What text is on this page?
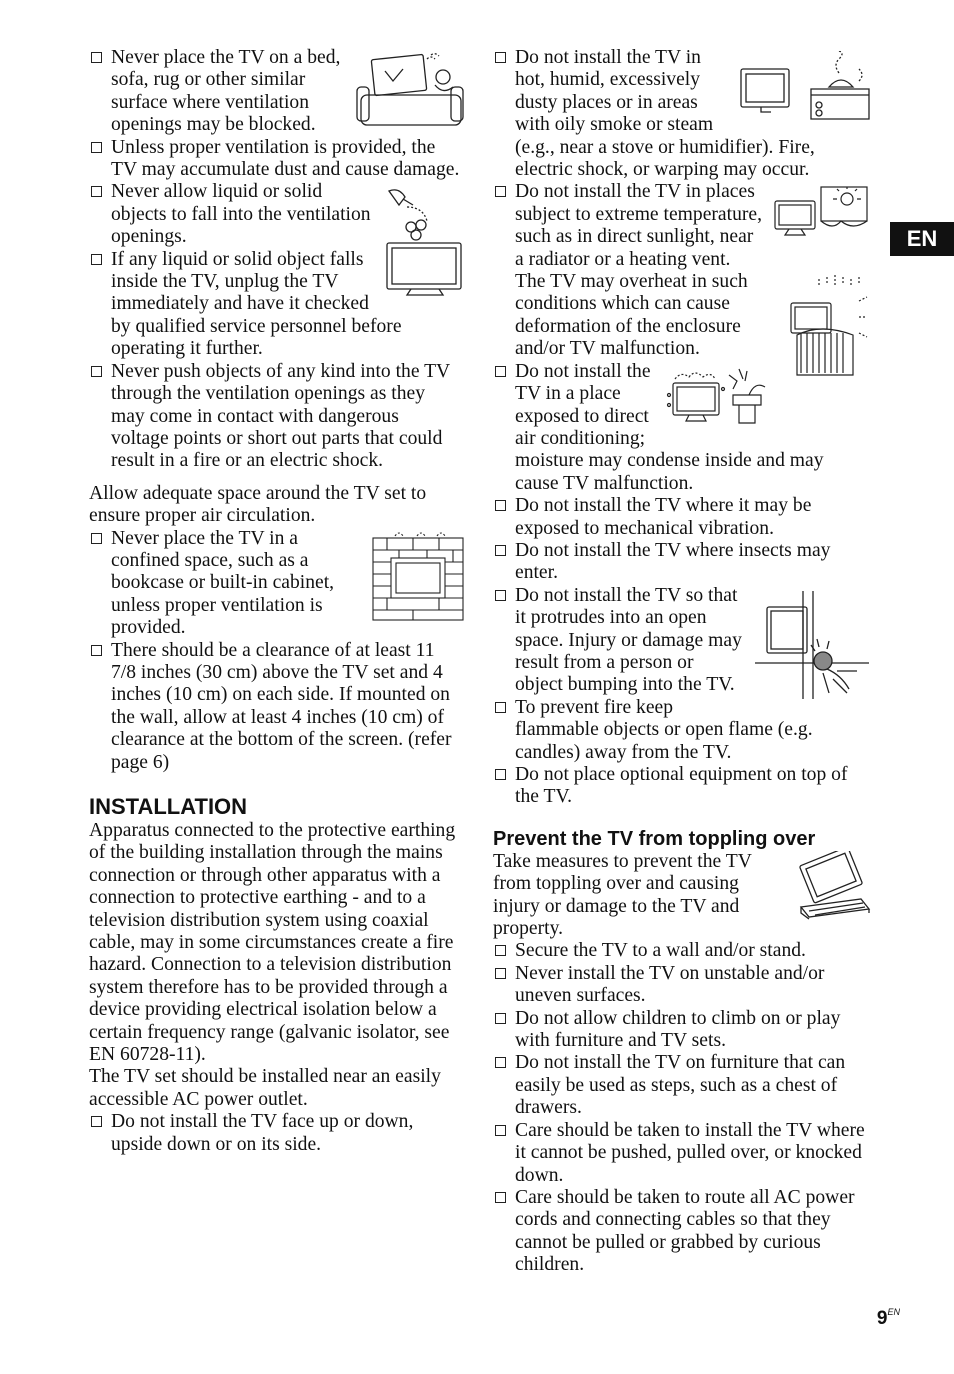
EN
Never place the TV on a bed, sofa, rug or other similar surface where ventilation openings may be blocked.
Unless proper ventilation is provided, the TV may accumulate dust and cause damage.
Never allow liquid or solid objects to fall into the ventilation openings.
If any liquid or solid object falls inside the TV, unplug the TV immediately and have it checked by qualified service personnel before operating it further.
Never push objects of any kind into the TV through the ventilation openings as they may come in contact with dangerous voltage points or short out parts that could result in a fire or an electric shock.

Allow adequate space around the TV set to ensure proper air circulation.

Never place the TV in a confined space, such as a bookcase or built-in cabinet, unless proper ventilation is provided.
There should be a clearance of at least 11 7/8 inches (30 cm) above the TV set and 4 inches (10 cm) on each side. If mounted on the wall, allow at least 4 inches (10 cm) of clearance at the bottom of the screen. (refer page 6)
INSTALLATION

Apparatus connected to the protective earthing of the building installation through the mains connection or through other apparatus with a connection to protective earthing - and to a television distribution system using coaxial cable, may in some circumstances create a fire hazard. Connection to a television distribution system therefore has to be provided through a device providing electrical isolation below a certain frequency range (galvanic isolator, see EN 60728-11).

The TV set should be installed near an easily accessible AC power outlet.

Do not install the TV face up or down, upside down or on its side.
Do not install the TV in hot, humid, excessively dusty places or in areas with oily smoke or steam (e.g., near a stove or humidifier). Fire, electric shock, or warping may occur.
Do not install the TV in places subject to extreme temperature, such as in direct sunlight, near a radiator or a heating vent. The TV may overheat in such conditions which can cause deformation of the enclosure and/or TV malfunction.
Do not install the TV in a place exposed to direct air conditioning; moisture may condense inside and may cause TV malfunction.
Do not install the TV where it may be exposed to mechanical vibration.
Do not install the TV where insects may enter.
Do not install the TV so that it protrudes into an open space. Injury or damage may result from a person or object bumping into the TV.
To prevent fire keep flammable objects or open flame (e.g. candles) away from the TV.
Do not place optional equipment on top of the TV.
Prevent the TV from toppling over

Take measures to prevent the TV from toppling over and causing injury or damage to the TV and property.

Secure the TV to a wall and/or stand.
Never install the TV on unstable and/or uneven surfaces.
Do not allow children to climb on or play with furniture and TV sets.
Do not install the TV on furniture that can easily be used as steps, such as a chest of drawers.
Care should be taken to install the TV where it cannot be pushed, pulled over, or knocked down.
Care should be taken to route all AC power cords and connecting cables so that they cannot be pulled or grabbed by curious children.
$9^{EN}$
